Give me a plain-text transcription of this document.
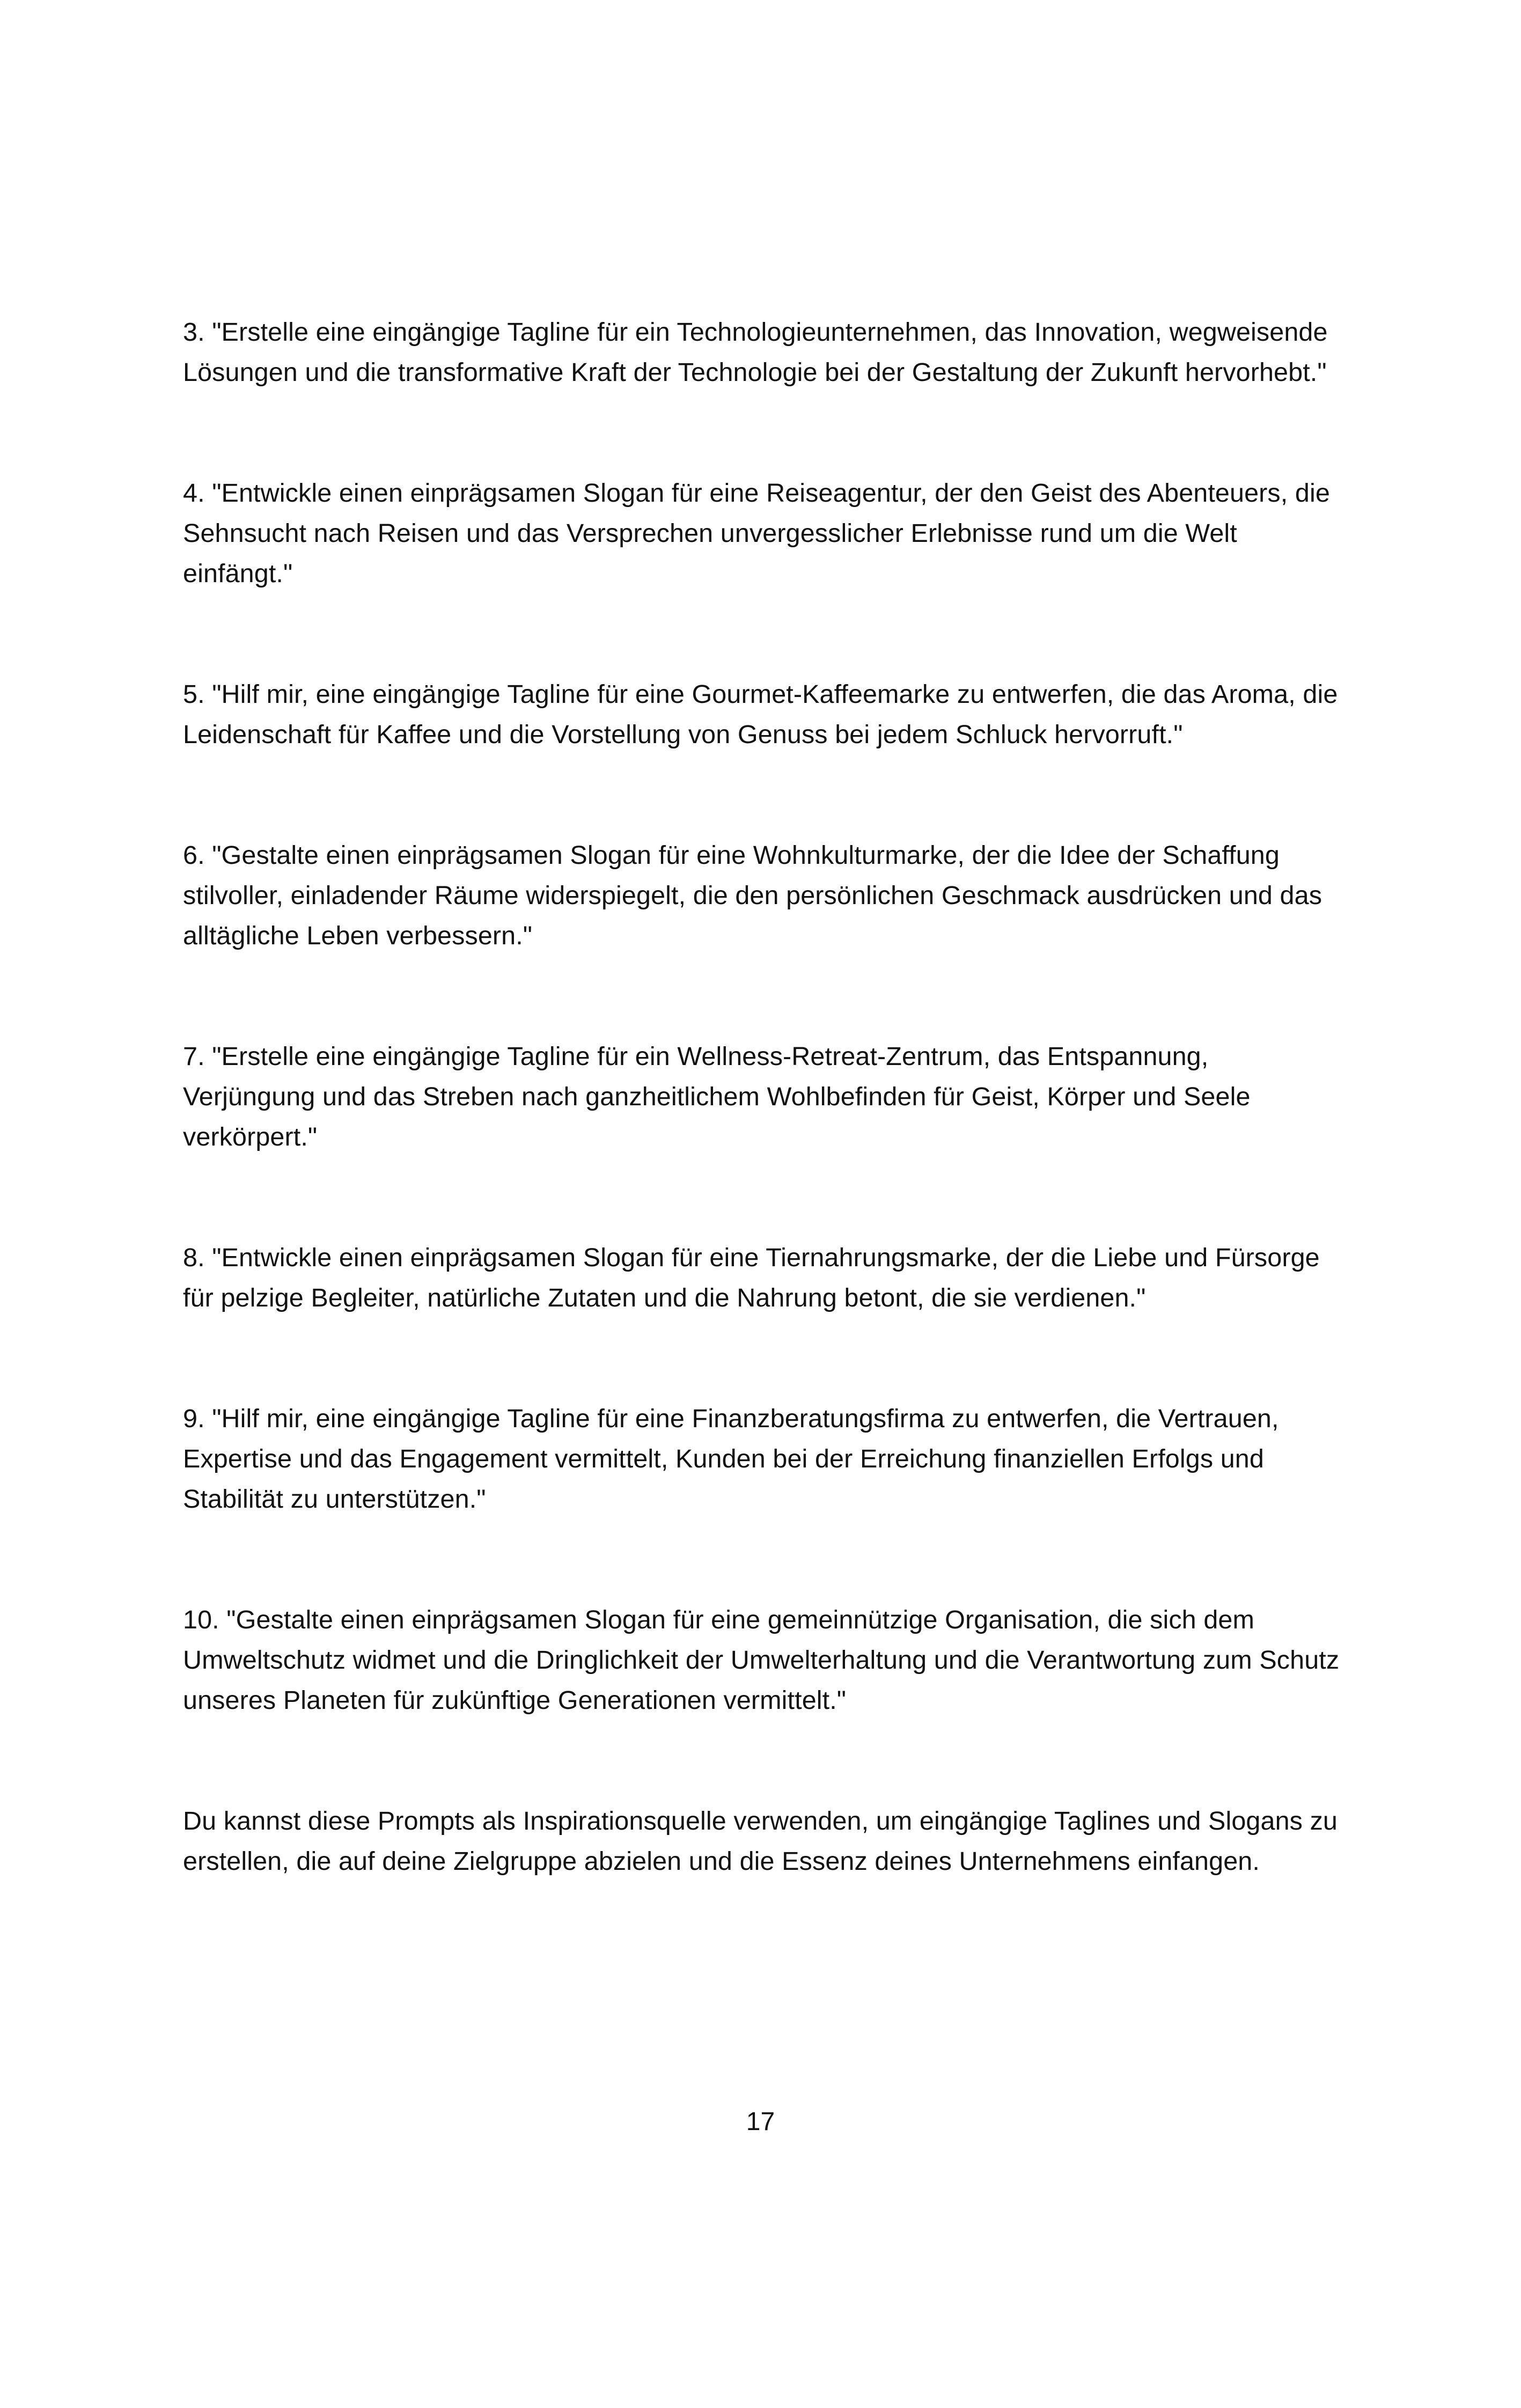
3. "Erstelle eine eingängige Tagline für ein Technologieunternehmen, das Innovation, wegweisende Lösungen und die transformative Kraft der Technologie bei der Gestaltung der Zukunft hervorhebt."

4. "Entwickle einen einprägsamen Slogan für eine Reiseagentur, der den Geist des Abenteuers, die Sehnsucht nach Reisen und das Versprechen unvergesslicher Erlebnisse rund um die Welt einfängt."

5. "Hilf mir, eine eingängige Tagline für eine Gourmet-Kaffeemarke zu entwerfen, die das Aroma, die Leidenschaft für Kaffee und die Vorstellung von Genuss bei jedem Schluck hervorruft."

6. "Gestalte einen einprägsamen Slogan für eine Wohnkulturmarke, der die Idee der Schaffung stilvoller, einladender Räume widerspiegelt, die den persönlichen Geschmack ausdrücken und das alltägliche Leben verbessern."

7. "Erstelle eine eingängige Tagline für ein Wellness-Retreat-Zentrum, das Entspannung, Verjüngung und das Streben nach ganzheitlichem Wohlbefinden für Geist, Körper und Seele verkörpert."

8. "Entwickle einen einprägsamen Slogan für eine Tiernahrungsmarke, der die Liebe und Fürsorge für pelzige Begleiter, natürliche Zutaten und die Nahrung betont, die sie verdienen."

9. "Hilf mir, eine eingängige Tagline für eine Finanzberatungsfirma zu entwerfen, die Vertrauen, Expertise und das Engagement vermittelt, Kunden bei der Erreichung finanziellen Erfolgs und Stabilität zu unterstützen."

10. "Gestalte einen einprägsamen Slogan für eine gemeinnützige Organisation, die sich dem Umweltschutz widmet und die Dringlichkeit der Umwelterhaltung und die Verantwortung zum Schutz unseres Planeten für zukünftige Generationen vermittelt."

Du kannst diese Prompts als Inspirationsquelle verwenden, um eingängige Taglines und Slogans zu erstellen, die auf deine Zielgruppe abzielen und die Essenz deines Unternehmens einfangen.

17
